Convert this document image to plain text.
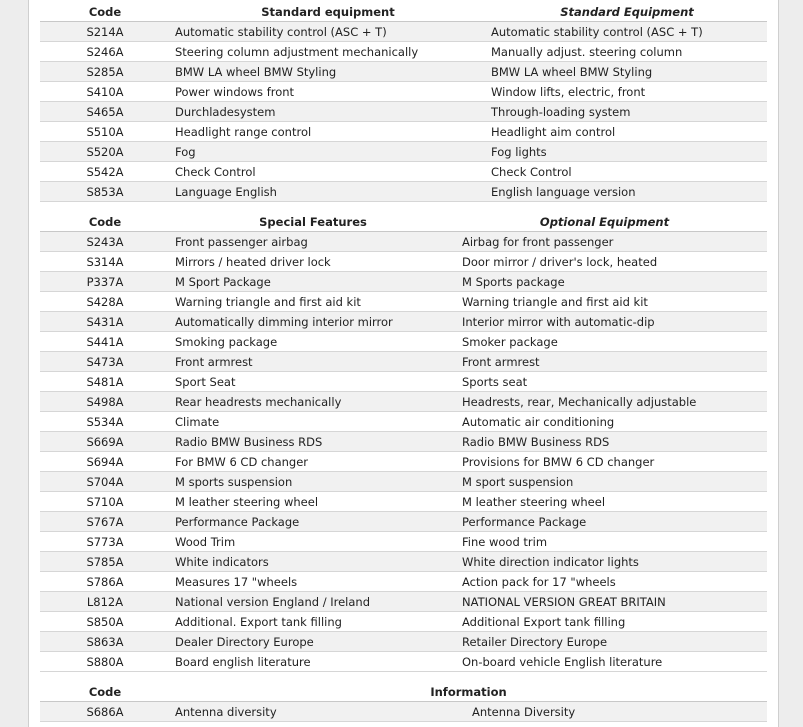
Code	Standard equipment	Standard Equipment
S214A	Automatic stability control (ASC + T)	Automatic stability control (ASC + T)
S246A	Steering column adjustment mechanically	Manually adjust. steering column
S285A	BMW LA wheel BMW Styling	BMW LA wheel BMW Styling
S410A	Power windows front	Window lifts, electric, front
S465A	Durchladesystem	Through-loading system
S510A	Headlight range control	Headlight aim control
S520A	Fog	Fog lights
S542A	Check Control	Check Control
S853A	Language English	English language version
Code	Special Features	Optional Equipment
S243A	Front passenger airbag	Airbag for front passenger
S314A	Mirrors / heated driver lock	Door mirror / driver's lock, heated
P337A	M Sport Package	M Sports package
S428A	Warning triangle and first aid kit	Warning triangle and first aid kit
S431A	Automatically dimming interior mirror	Interior mirror with automatic-dip
S441A	Smoking package	Smoker package
S473A	Front armrest	Front armrest
S481A	Sport Seat	Sports seat
S498A	Rear headrests mechanically	Headrests, rear, Mechanically adjustable
S534A	Climate	Automatic air conditioning
S669A	Radio BMW Business RDS	Radio BMW Business RDS
S694A	For BMW 6 CD changer	Provisions for BMW 6 CD changer
S704A	M sports suspension	M sport suspension
S710A	M leather steering wheel	M leather steering wheel
S767A	Performance Package	Performance Package
S773A	Wood Trim	Fine wood trim
S785A	White indicators	White direction indicator lights
S786A	Measures 17 "wheels	Action pack for 17 "wheels
L812A	National version England / Ireland	NATIONAL VERSION GREAT BRITAIN
S850A	Additional. Export tank filling	Additional Export tank filling
S863A	Dealer Directory Europe	Retailer Directory Europe
S880A	Board english literature	On-board vehicle English literature
Code	Information
S686A	Antenna diversity	Antenna Diversity
